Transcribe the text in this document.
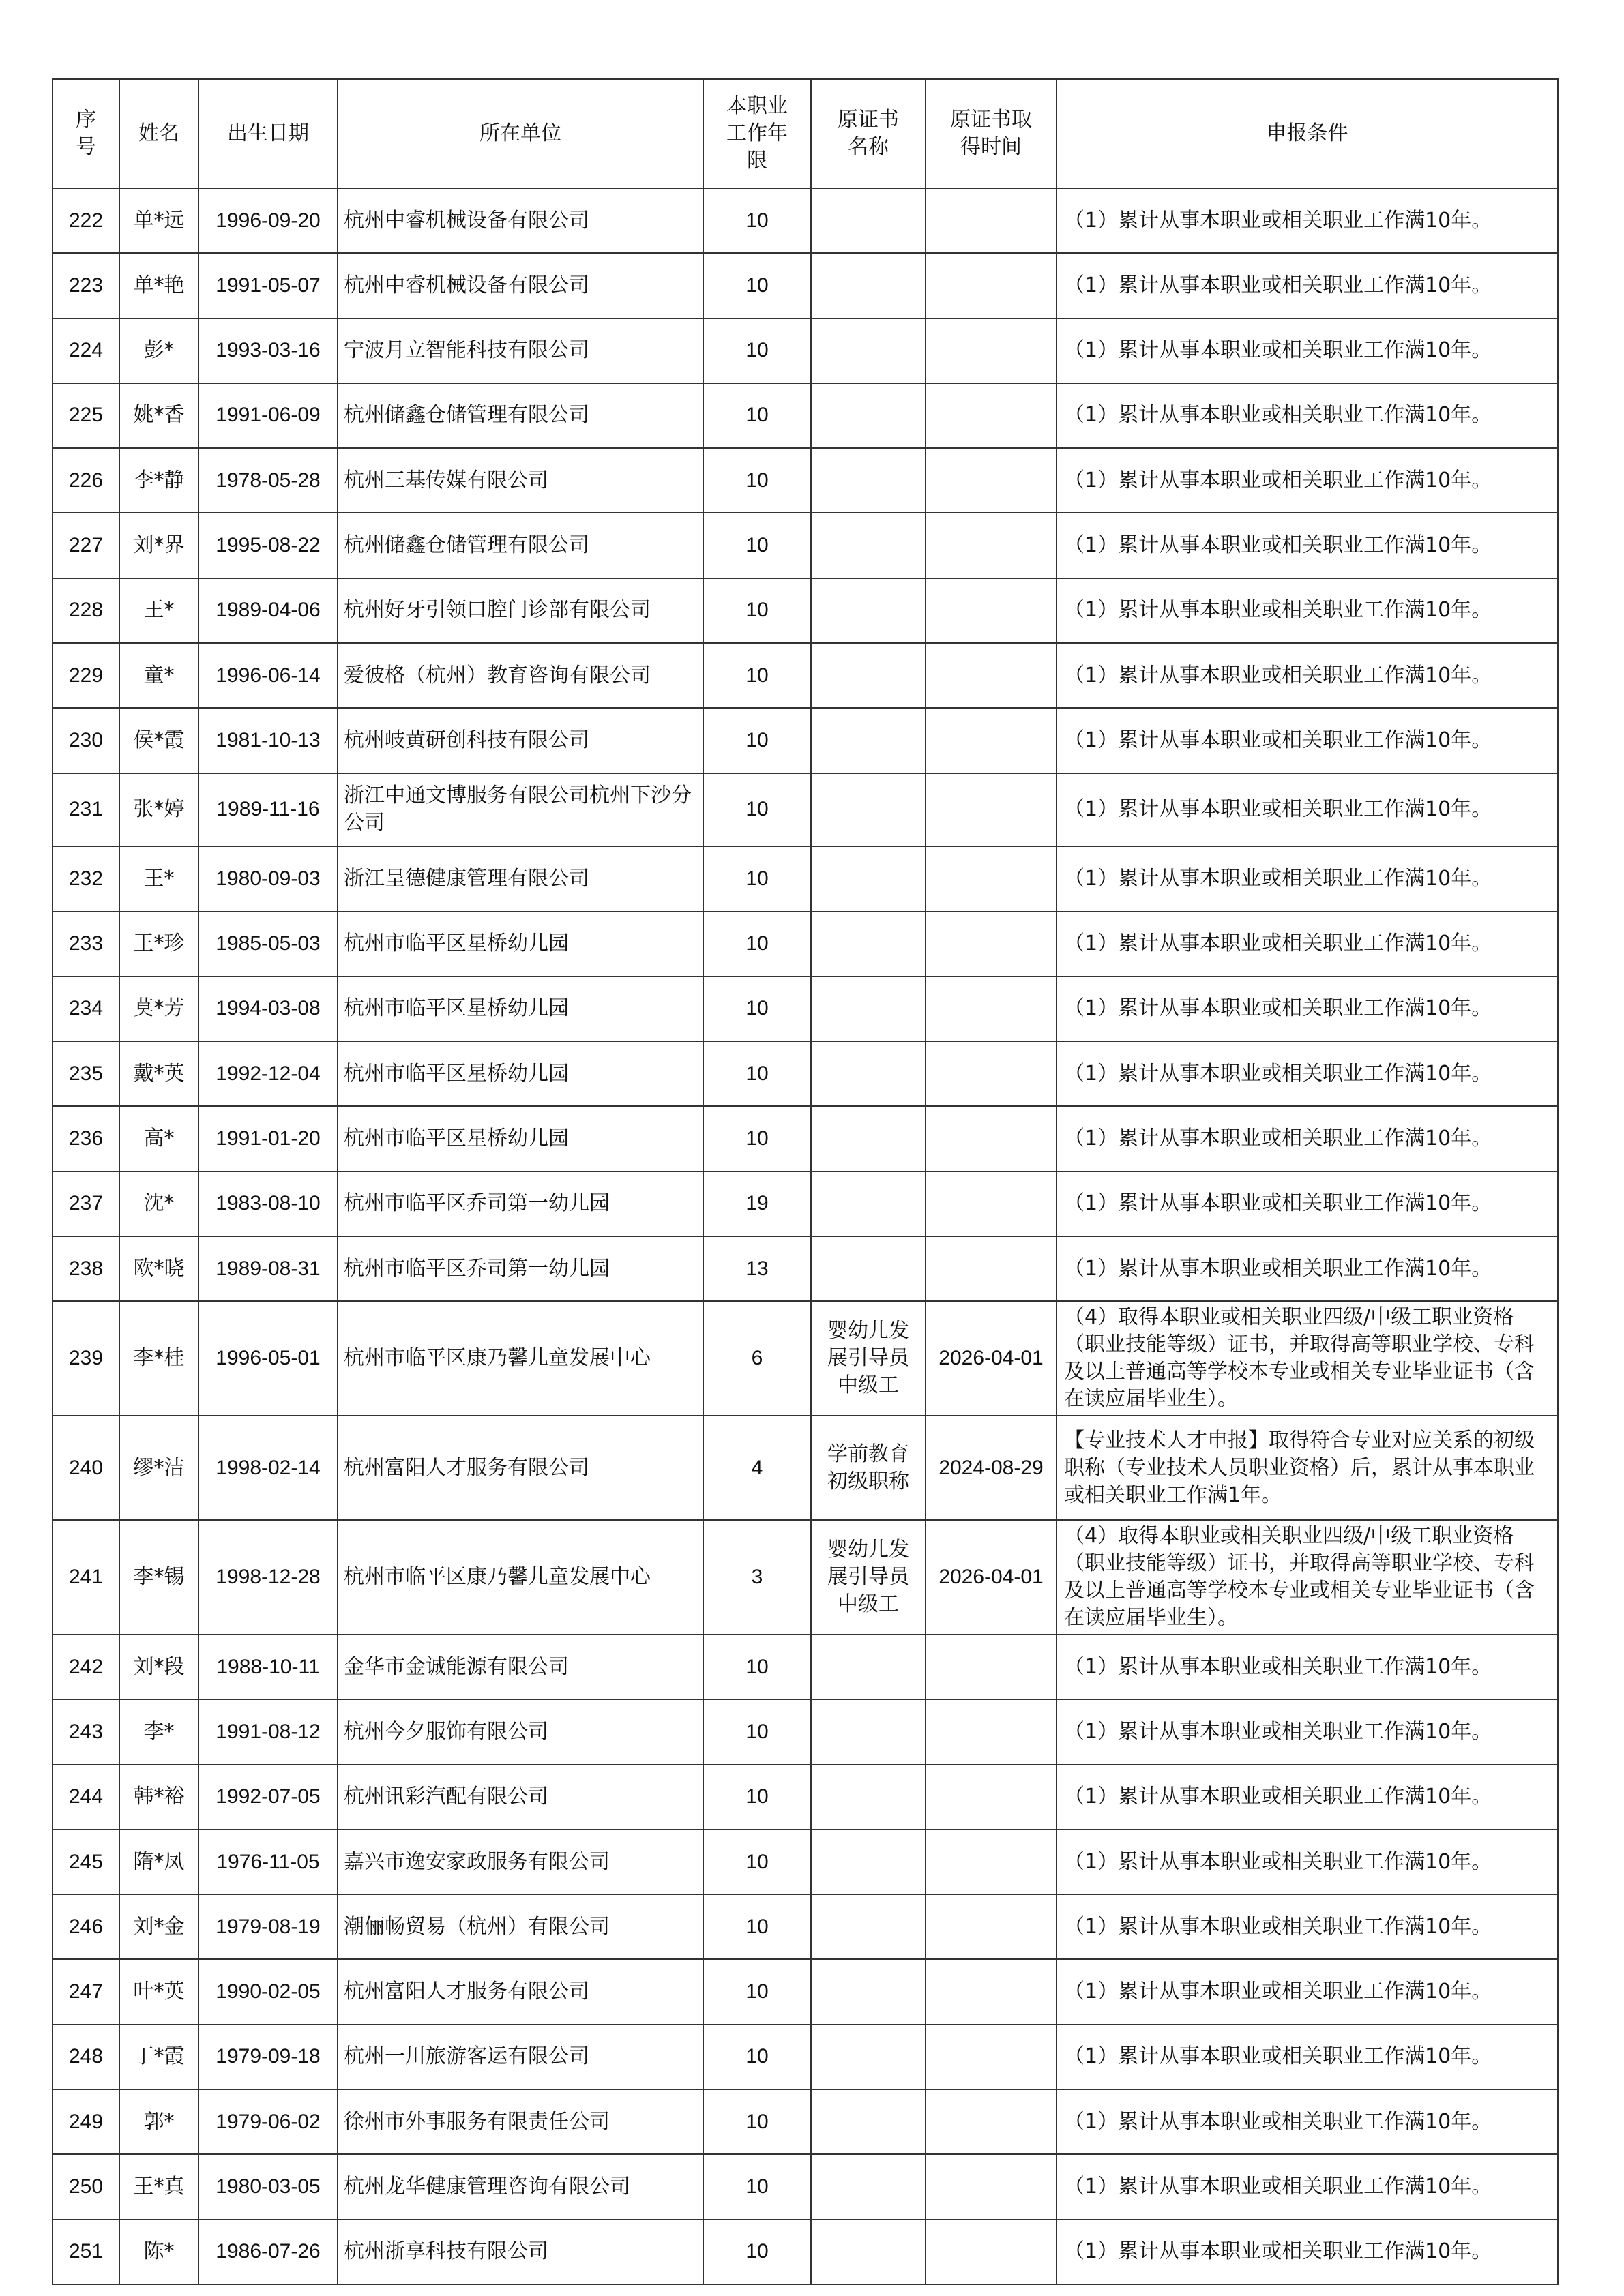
序号	姓名	出生日期	所在单位	本职业工作年限	原证书名称	原证书取得时间	申报条件
222	单*远	1996-09-20	杭州中睿机械设备有限公司	10			（1）累计从事本职业或相关职业工作满10年。
223	单*艳	1991-05-07	杭州中睿机械设备有限公司	10			（1）累计从事本职业或相关职业工作满10年。
224	彭*	1993-03-16	宁波月立智能科技有限公司	10			（1）累计从事本职业或相关职业工作满10年。
225	姚*香	1991-06-09	杭州储鑫仓储管理有限公司	10			（1）累计从事本职业或相关职业工作满10年。
226	李*静	1978-05-28	杭州三基传媒有限公司	10			（1）累计从事本职业或相关职业工作满10年。
227	刘*界	1995-08-22	杭州储鑫仓储管理有限公司	10			（1）累计从事本职业或相关职业工作满10年。
228	王*	1989-04-06	杭州好牙引领口腔门诊部有限公司	10			（1）累计从事本职业或相关职业工作满10年。
229	童*	1996-06-14	爱彼格（杭州）教育咨询有限公司	10			（1）累计从事本职业或相关职业工作满10年。
230	侯*霞	1981-10-13	杭州岐黄研创科技有限公司	10			（1）累计从事本职业或相关职业工作满10年。
231	张*婷	1989-11-16	浙江中通文博服务有限公司杭州下沙分公司	10			（1）累计从事本职业或相关职业工作满10年。
232	王*	1980-09-03	浙江呈德健康管理有限公司	10			（1）累计从事本职业或相关职业工作满10年。
233	王*珍	1985-05-03	杭州市临平区星桥幼儿园	10			（1）累计从事本职业或相关职业工作满10年。
234	莫*芳	1994-03-08	杭州市临平区星桥幼儿园	10			（1）累计从事本职业或相关职业工作满10年。
235	戴*英	1992-12-04	杭州市临平区星桥幼儿园	10			（1）累计从事本职业或相关职业工作满10年。
236	高*	1991-01-20	杭州市临平区星桥幼儿园	10			（1）累计从事本职业或相关职业工作满10年。
237	沈*	1983-08-10	杭州市临平区乔司第一幼儿园	19			（1）累计从事本职业或相关职业工作满10年。
238	欧*晓	1989-08-31	杭州市临平区乔司第一幼儿园	13			（1）累计从事本职业或相关职业工作满10年。
239	李*桂	1996-05-01	杭州市临平区康乃馨儿童发展中心	6	婴幼儿发展引导员中级工	2026-04-01	（4）取得本职业或相关职业四级/中级工职业资格（职业技能等级）证书，并取得高等职业学校、专科及以上普通高等学校本专业或相关专业毕业证书（含在读应届毕业生）。
240	缪*洁	1998-02-14	杭州富阳人才服务有限公司	4	学前教育初级职称	2024-08-29	【专业技术人才申报】取得符合专业对应关系的初级职称（专业技术人员职业资格）后，累计从事本职业或相关职业工作满1年。
241	李*锡	1998-12-28	杭州市临平区康乃馨儿童发展中心	3	婴幼儿发展引导员中级工	2026-04-01	（4）取得本职业或相关职业四级/中级工职业资格（职业技能等级）证书，并取得高等职业学校、专科及以上普通高等学校本专业或相关专业毕业证书（含在读应届毕业生）。
242	刘*段	1988-10-11	金华市金诚能源有限公司	10			（1）累计从事本职业或相关职业工作满10年。
243	李*	1991-08-12	杭州今夕服饰有限公司	10			（1）累计从事本职业或相关职业工作满10年。
244	韩*裕	1992-07-05	杭州讯彩汽配有限公司	10			（1）累计从事本职业或相关职业工作满10年。
245	隋*凤	1976-11-05	嘉兴市逸安家政服务有限公司	10			（1）累计从事本职业或相关职业工作满10年。
246	刘*金	1979-08-19	潮俪畅贸易（杭州）有限公司	10			（1）累计从事本职业或相关职业工作满10年。
247	叶*英	1990-02-05	杭州富阳人才服务有限公司	10			（1）累计从事本职业或相关职业工作满10年。
248	丁*霞	1979-09-18	杭州一川旅游客运有限公司	10			（1）累计从事本职业或相关职业工作满10年。
249	郭*	1979-06-02	徐州市外事服务有限责任公司	10			（1）累计从事本职业或相关职业工作满10年。
250	王*真	1980-03-05	杭州龙华健康管理咨询有限公司	10			（1）累计从事本职业或相关职业工作满10年。
251	陈*	1986-07-26	杭州浙享科技有限公司	10			（1）累计从事本职业或相关职业工作满10年。
